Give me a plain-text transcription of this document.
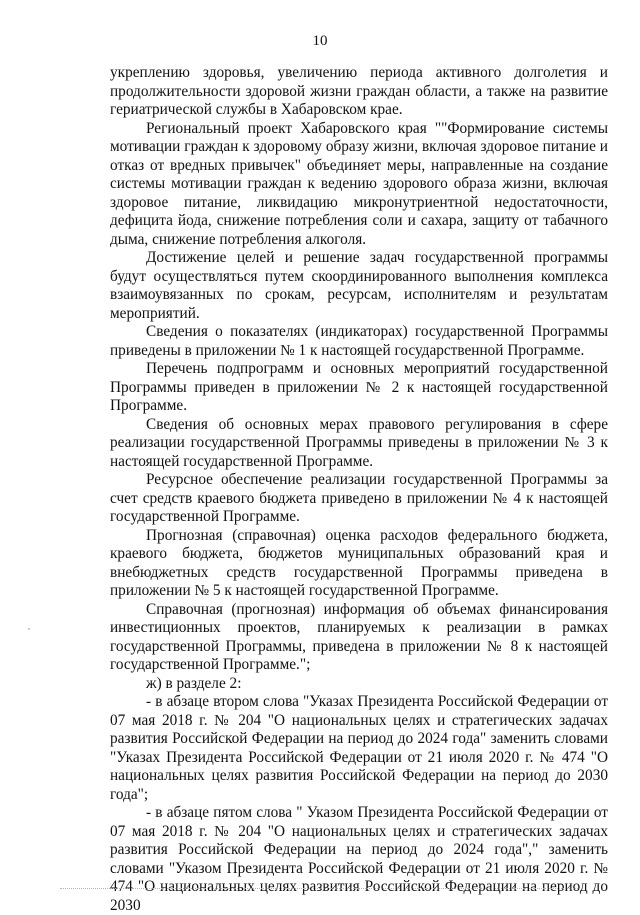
10

укреплению здоровья, увеличению периода активного долголетия и продолжительности здоровой жизни граждан области, а также на развитие гериатрической службы в Хабаровском крае.

Региональный проект Хабаровского края ""Формирование системы мотивации граждан к здоровому образу жизни, включая здоровое питание и отказ от вредных привычек" объединяет меры, направленные на создание системы мотивации граждан к ведению здорового образа жизни, включая здоровое питание, ликвидацию микронутриентной недостаточности, дефицита йода, снижение потребления соли и сахара, защиту от табачного дыма, снижение потребления алкоголя.

Достижение целей и решение задач государственной программы будут осуществляться путем скоординированного выполнения комплекса взаимоувязанных по срокам, ресурсам, исполнителям и результатам мероприятий.

Сведения о показателях (индикаторах) государственной Программы приведены в приложении № 1 к настоящей государственной Программе.

Перечень подпрограмм и основных мероприятий государственной Программы приведен в приложении № 2 к настоящей государственной Программе.

Сведения об основных мерах правового регулирования в сфере реализации государственной Программы приведены в приложении № 3 к настоящей государственной Программе.

Ресурсное обеспечение реализации государственной Программы за счет средств краевого бюджета приведено в приложении № 4 к настоящей государственной Программе.

Прогнозная (справочная) оценка расходов федерального бюджета, краевого бюджета, бюджетов муниципальных образований края и внебюджетных средств государственной Программы приведена в приложении № 5 к настоящей государственной Программе.

Справочная (прогнозная) информация об объемах финансирования инвестиционных проектов, планируемых к реализации в рамках государственной Программы, приведена в приложении № 8 к настоящей государственной Программе.";

ж) в разделе 2:

- в абзаце втором слова "Указах Президента Российской Федерации от 07 мая 2018 г. № 204 "О национальных целях и стратегических задачах развития Российской Федерации на период до 2024 года" заменить словами "Указах Президента Российской Федерации от 21 июля 2020 г. № 474 "О национальных целях развития Российской Федерации на период до 2030 года";

- в абзаце пятом слова " Указом Президента Российской Федерации от 07 мая 2018 г. № 204 "О национальных целях и стратегических задачах развития Российской Федерации на период до 2024 года"," заменить словами "Указом Президента Российской Федерации от 21 июля 2020 г. № 474 "О национальных целях развития Российской Федерации на период до 2030
